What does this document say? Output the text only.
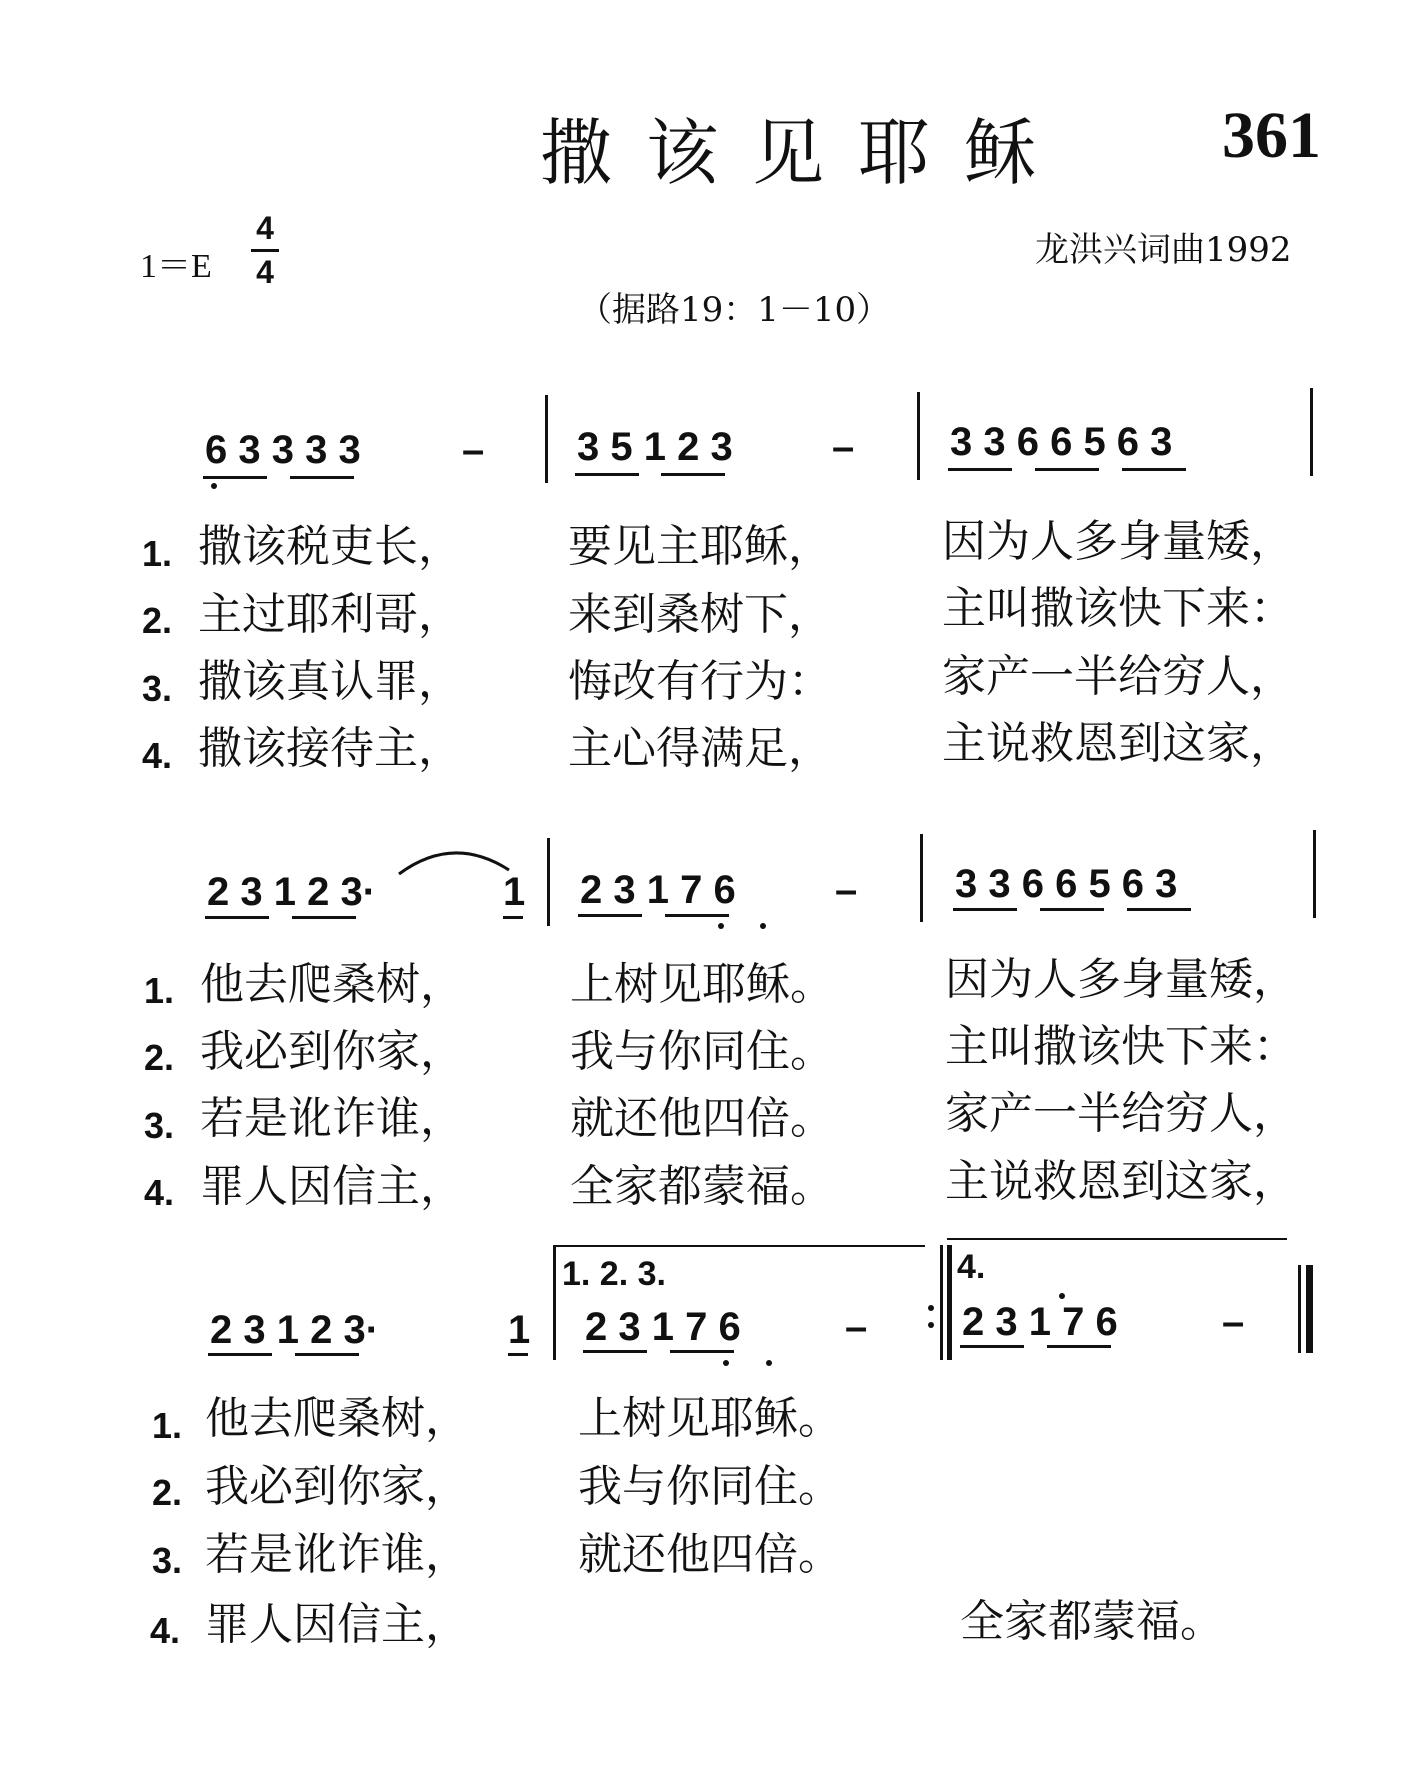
撒该见耶稣 361
1＝E
4
4
龙洪兴词曲1992
（据路19：1－10）
6 3 3 3 3	– 3 5 1 2 3 – 3 3 6 6 5 6 3
1. 撒该税吏长， 要见主耶稣，	因为人多身量矮，
2. 主过耶利哥， 来到桑树下，	主叫撒该快下来：
3. 撒该真认罪， 悔改有行为：	家产一半给穷人，
4. 撒该接待主， 主心得满足，	主说救恩到这家，
2 3 1 2 3·	1 2 3 1 7 6 – 3 3 6 6 5 6 3
1. 他去爬桑树， 上树见耶稣。	因为人多身量矮，
2. 我必到你家， 我与你同住。	主叫撒该快下来：
3. 若是讹诈谁， 就还他四倍。	家产一半给穷人，
4. 罪人因信主， 全家都蒙福。	主说救恩到这家，
1. 2. 3.	4.
2 3 1 2 3·	1 2 3 1 7 6	– 2 3 1 7 6	–
1. 他去爬桑树， 上树见耶稣。
2. 我必到你家， 我与你同住。
3. 若是讹诈谁， 就还他四倍。
4. 罪人因信主，	全家都蒙福。
